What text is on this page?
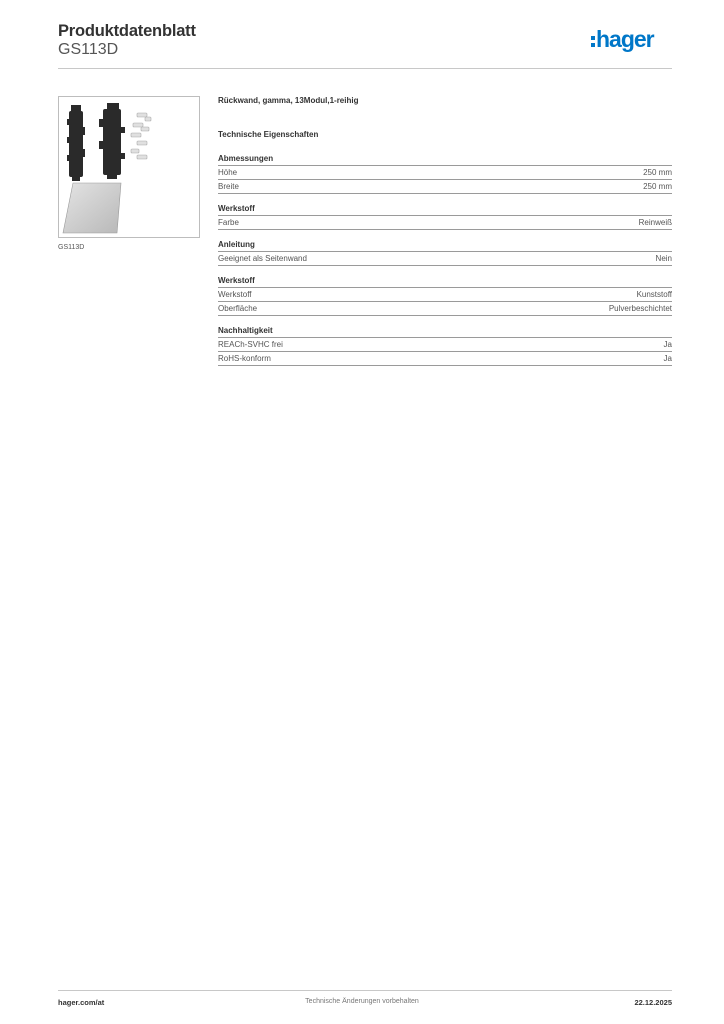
Produktdatenblatt
GS113D	hager
GS113D
Rückwand, gamma, 13Modul,1-reihig
Technische Eigenschaften
Abmessungen
Höhe	250 mm
Breite	250 mm
Werkstoff
Farbe	Reinweiß
Anleitung
Geeignet als Seitenwand	Nein
Werkstoff
Werkstoff	Kunststoff
Oberfläche	Pulverbeschichtet
Nachhaltigkeit
REACh-SVHC frei	Ja
RoHS-konform	Ja
hager.com/at	Technische Änderungen vorbehalten	22.12.2025
